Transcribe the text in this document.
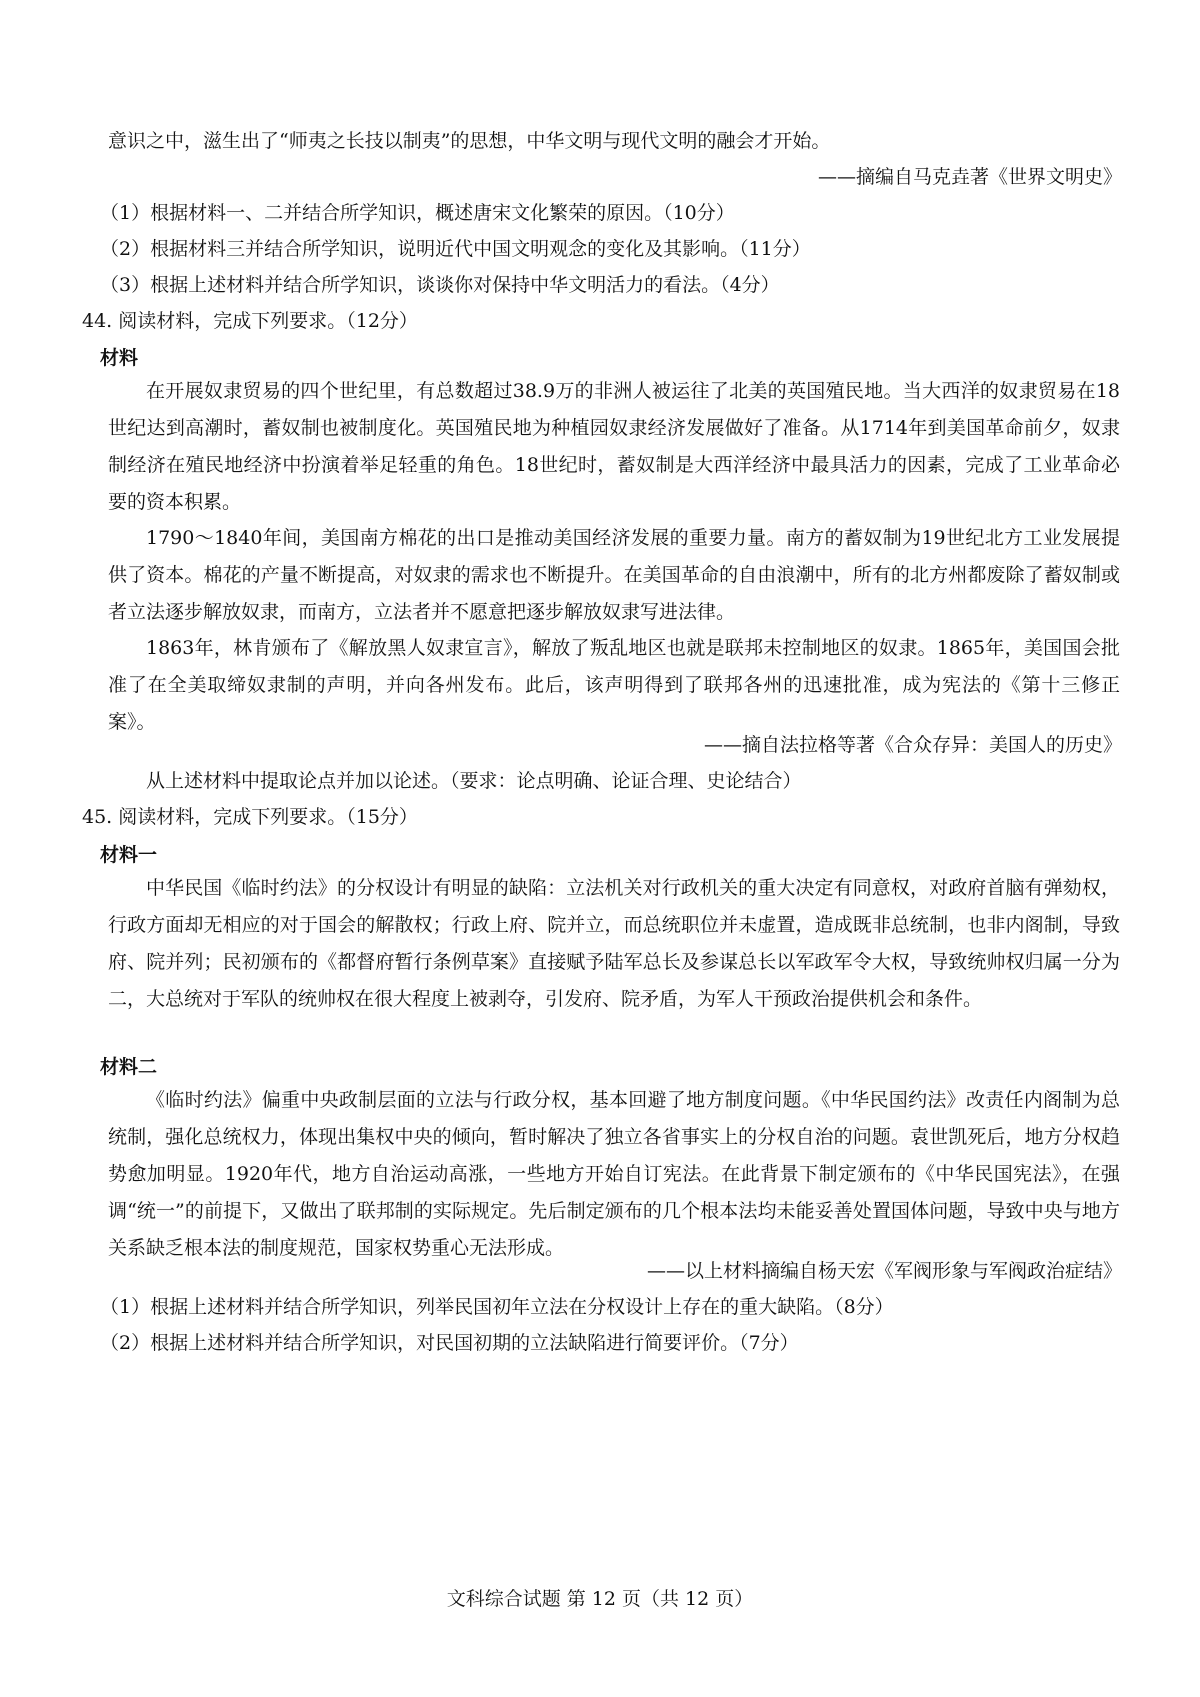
意识之中，滋生出了“师夷之长技以制夷”的思想，中华文明与现代文明的融会才开始。
——摘编自马克垚著《世界文明史》
（1）根据材料一、二并结合所学知识，概述唐宋文化繁荣的原因。（10分）
（2）根据材料三并结合所学知识，说明近代中国文明观念的变化及其影响。（11分）
（3）根据上述材料并结合所学知识，谈谈你对保持中华文明活力的看法。（4分）
44. 阅读材料，完成下列要求。（12分）
材料
在开展奴隶贸易的四个世纪里，有总数超过38.9万的非洲人被运往了北美的英国殖民地。当大西洋的奴隶贸易在18世纪达到高潮时，蓄奴制也被制度化。英国殖民地为种植园奴隶经济发展做好了准备。从1714年到美国革命前夕，奴隶制经济在殖民地经济中扮演着举足轻重的角色。18世纪时，蓄奴制是大西洋经济中最具活力的因素，完成了工业革命必要的资本积累。
1790～1840年间，美国南方棉花的出口是推动美国经济发展的重要力量。南方的蓄奴制为19世纪北方工业发展提供了资本。棉花的产量不断提高，对奴隶的需求也不断提升。在美国革命的自由浪潮中，所有的北方州都废除了蓄奴制或者立法逐步解放奴隶，而南方，立法者并不愿意把逐步解放奴隶写进法律。
1863年，林肯颁布了《解放黑人奴隶宣言》，解放了叛乱地区也就是联邦未控制地区的奴隶。1865年，美国国会批准了在全美取缔奴隶制的声明，并向各州发布。此后，该声明得到了联邦各州的迅速批准，成为宪法的《第十三修正案》。
——摘自法拉格等著《合众存异：美国人的历史》
从上述材料中提取论点并加以论述。（要求：论点明确、论证合理、史论结合）
45. 阅读材料，完成下列要求。（15分）
材料一
中华民国《临时约法》的分权设计有明显的缺陷：立法机关对行政机关的重大决定有同意权，对政府首脑有弹劾权，行政方面却无相应的对于国会的解散权；行政上府、院并立，而总统职位并未虚置，造成既非总统制，也非内阁制，导致府、院并列；民初颁布的《都督府暂行条例草案》直接赋予陆军总长及参谋总长以军政军令大权，导致统帅权归属一分为二，大总统对于军队的统帅权在很大程度上被剥夺，引发府、院矛盾，为军人干预政治提供机会和条件。
材料二
《临时约法》偏重中央政制层面的立法与行政分权，基本回避了地方制度问题。《中华民国约法》改责任内阁制为总统制，强化总统权力，体现出集权中央的倾向，暂时解决了独立各省事实上的分权自治的问题。袁世凯死后，地方分权趋势愈加明显。1920年代，地方自治运动高涨，一些地方开始自订宪法。在此背景下制定颁布的《中华民国宪法》，在强调“统一”的前提下，又做出了联邦制的实际规定。先后制定颁布的几个根本法均未能妥善处置国体问题，导致中央与地方关系缺乏根本法的制度规范，国家权势重心无法形成。
——以上材料摘编自杨天宏《军阀形象与军阀政治症结》
（1）根据上述材料并结合所学知识，列举民国初年立法在分权设计上存在的重大缺陷。（8分）
（2）根据上述材料并结合所学知识，对民国初期的立法缺陷进行简要评价。（7分）
文科综合试题 第 12 页（共 12 页）
